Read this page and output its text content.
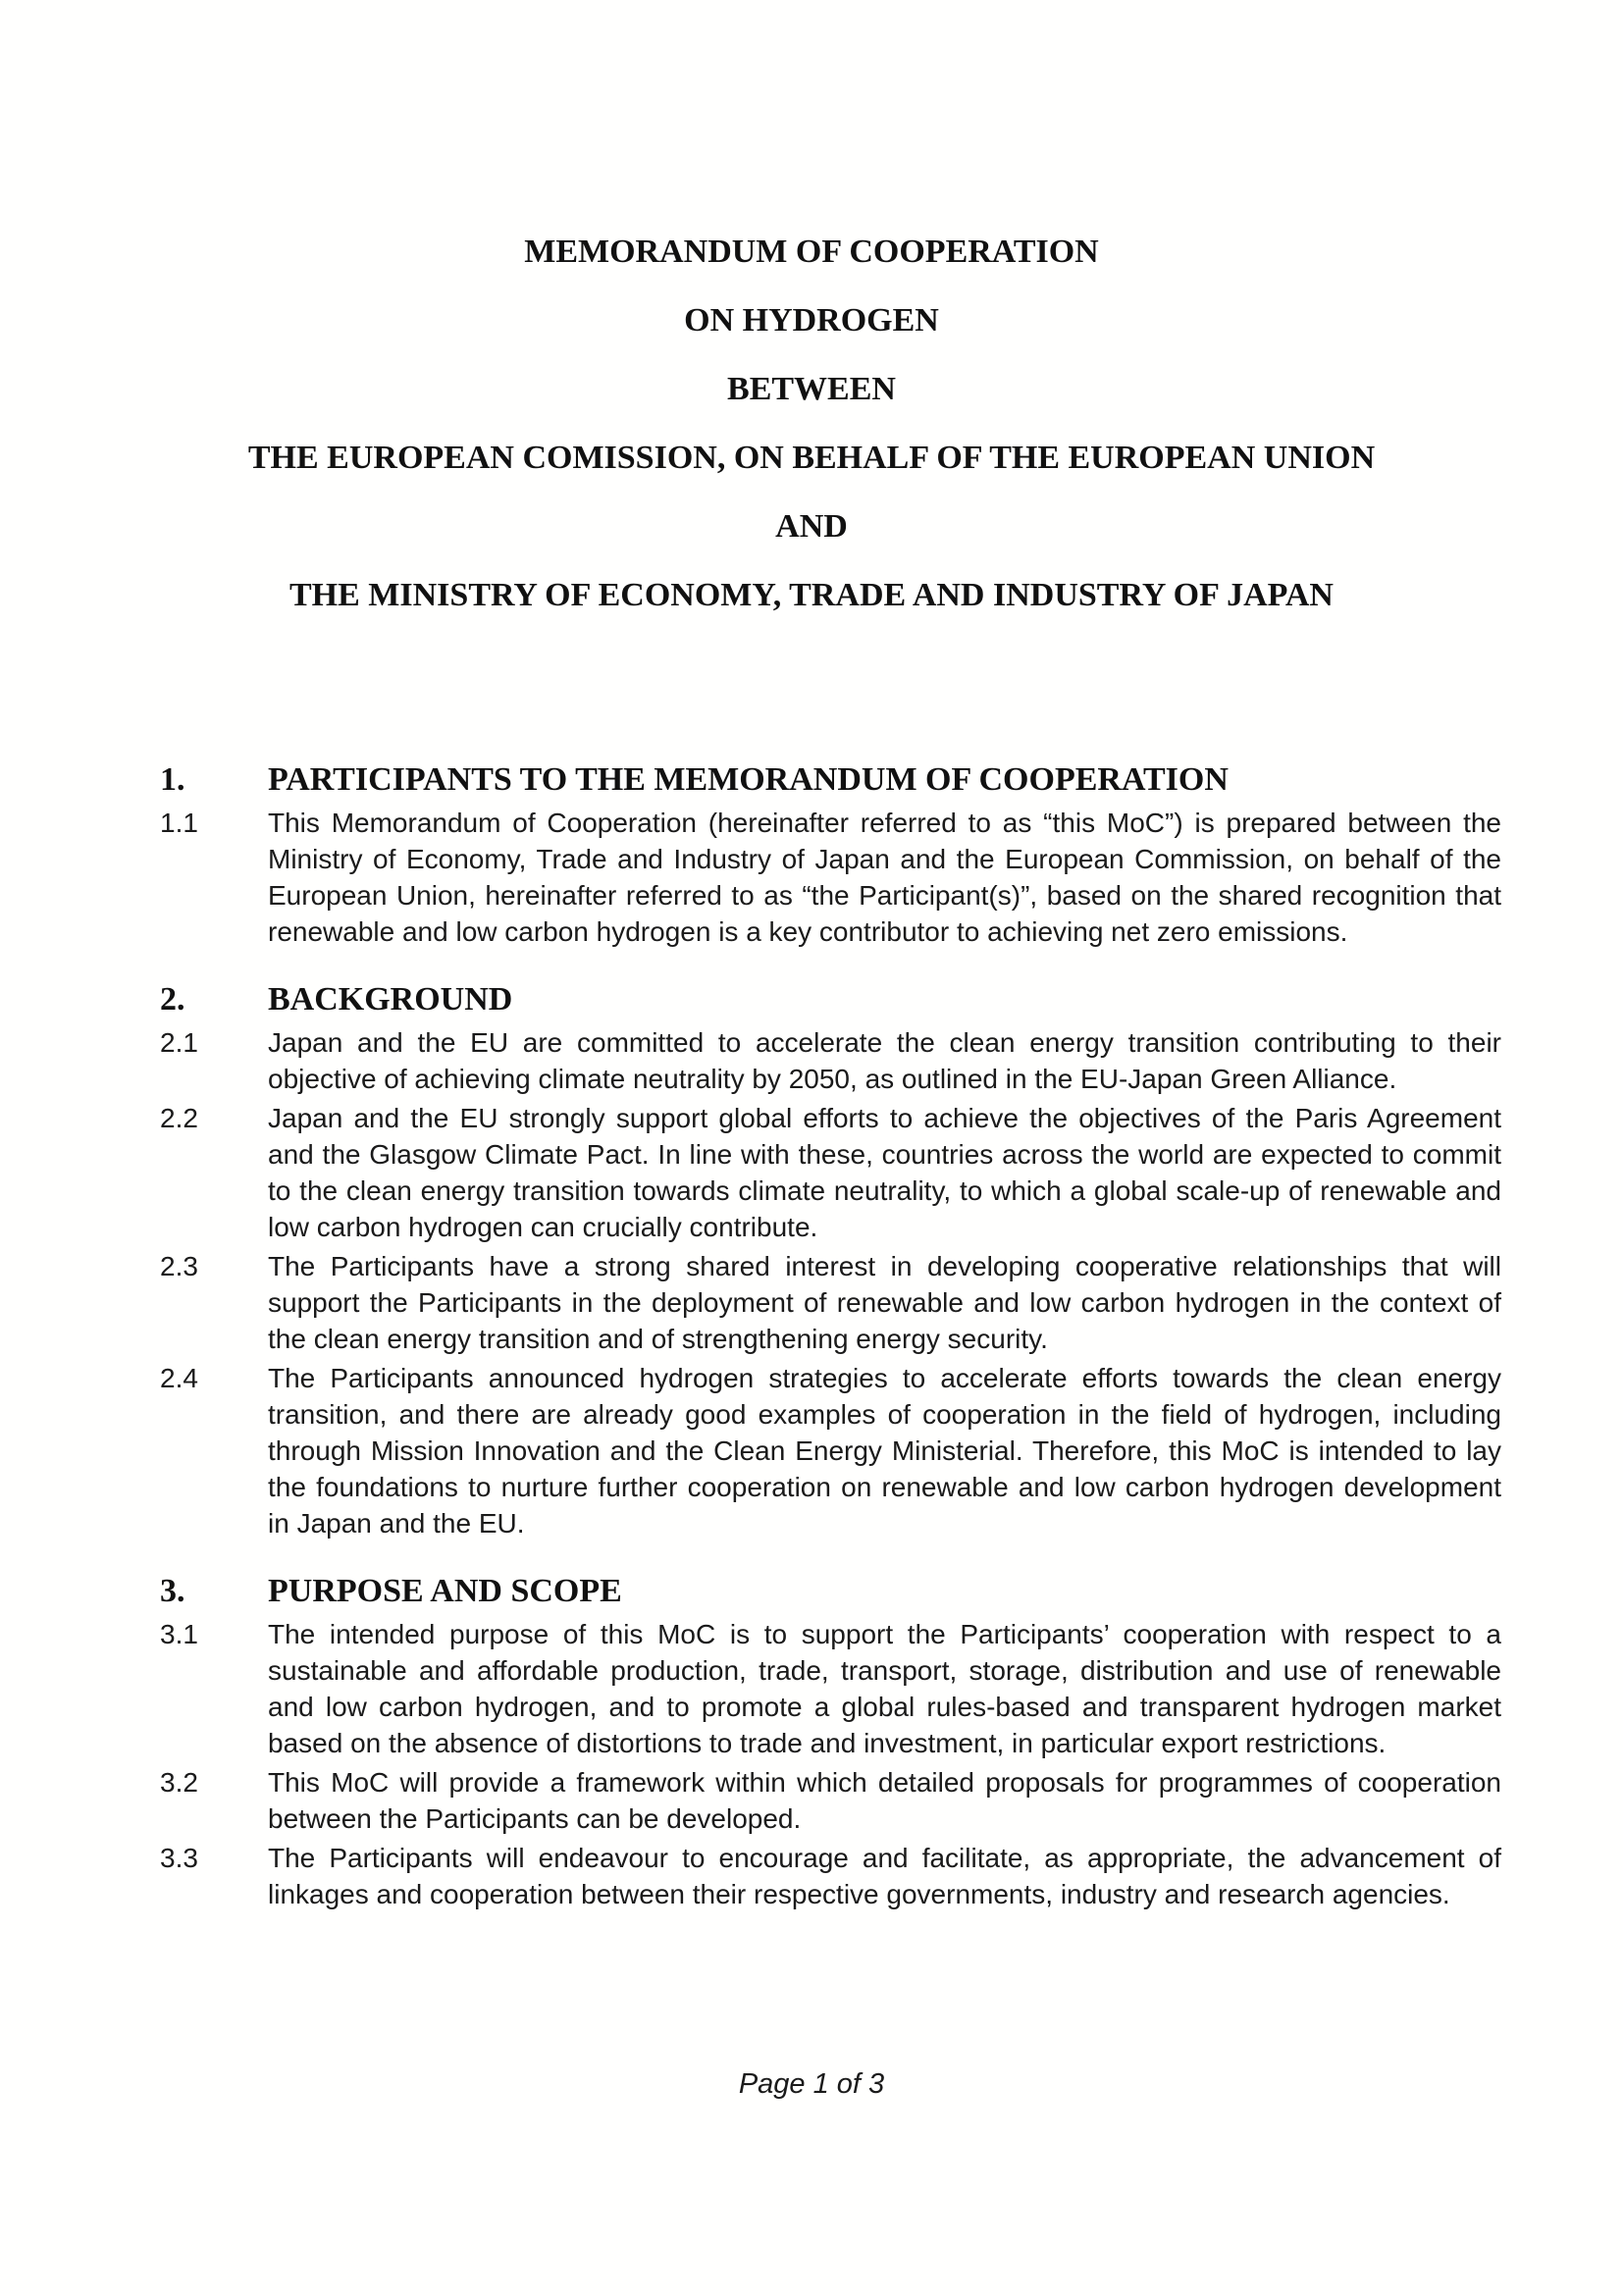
MEMORANDUM OF COOPERATION
ON HYDROGEN
BETWEEN
THE EUROPEAN COMISSION, ON BEHALF OF THE EUROPEAN UNION
AND
THE MINISTRY OF ECONOMY, TRADE AND INDUSTRY OF JAPAN
1.	PARTICIPANTS TO THE MEMORANDUM OF COOPERATION
1.1	This Memorandum of Cooperation (hereinafter referred to as “this MoC”) is prepared between the Ministry of Economy, Trade and Industry of Japan and the European Commission, on behalf of the European Union, hereinafter referred to as “the Participant(s)”, based on the shared recognition that renewable and low carbon hydrogen is a key contributor to achieving net zero emissions.

2.	BACKGROUND
2.1	Japan and the EU are committed to accelerate the clean energy transition contributing to their objective of achieving climate neutrality by 2050, as outlined in the EU-Japan Green Alliance.

2.2	Japan and the EU strongly support global efforts to achieve the objectives of the Paris Agreement and the Glasgow Climate Pact. In line with these, countries across the world are expected to commit to the clean energy transition towards climate neutrality, to which a global scale-up of renewable and low carbon hydrogen can crucially contribute.

2.3	The Participants have a strong shared interest in developing cooperative relationships that will support the Participants in the deployment of renewable and low carbon hydrogen in the context of the clean energy transition and of strengthening energy security.

2.4	The Participants announced hydrogen strategies to accelerate efforts towards the clean energy transition, and there are already good examples of cooperation in the field of hydrogen, including through Mission Innovation and the Clean Energy Ministerial. Therefore, this MoC is intended to lay the foundations to nurture further cooperation on renewable and low carbon hydrogen development in Japan and the EU.

3.	PURPOSE AND SCOPE
3.1	The intended purpose of this MoC is to support the Participants’ cooperation with respect to a sustainable and affordable production, trade, transport, storage, distribution and use of renewable and low carbon hydrogen, and to promote a global rules-based and transparent hydrogen market based on the absence of distortions to trade and investment, in particular export restrictions.

3.2	This MoC will provide a framework within which detailed proposals for programmes of cooperation between the Participants can be developed.

3.3	The Participants will endeavour to encourage and facilitate, as appropriate, the advancement of linkages and cooperation between their respective governments, industry and research agencies.

Page 1 of 3
